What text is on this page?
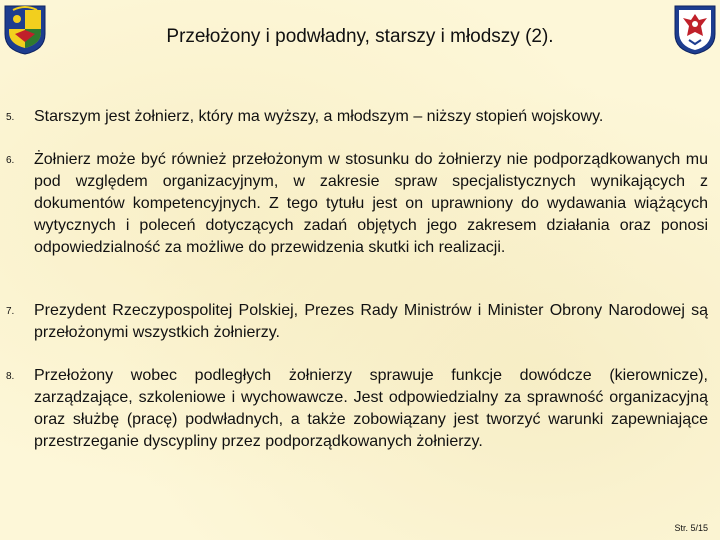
Przełożony i podwładny, starszy i młodszy (2).
5. Starszym jest żołnierz, który ma wyższy, a młodszym – niższy stopień wojskowy.
6. Żołnierz może być również przełożonym w stosunku do żołnierzy nie podporządkowanych mu pod względem organizacyjnym, w zakresie spraw specjalistycznych wynikających z dokumentów kompetencyjnych. Z tego tytułu jest on uprawniony do wydawania wiążących wytycznych i poleceń dotyczących zadań objętych jego zakresem działania oraz ponosi odpowiedzialność za możliwe do przewidzenia skutki ich realizacji.
7. Prezydent Rzeczypospolitej Polskiej, Prezes Rady Ministrów i Minister Obrony Narodowej są przełożonymi wszystkich żołnierzy.
8. Przełożony wobec podległych żołnierzy sprawuje funkcje dowódcze (kierownicze), zarządzające, szkoleniowe i wychowawcze. Jest odpowiedzialny za sprawność organizacyjną oraz służbę (pracę) podwładnych, a także zobowiązany jest tworzyć warunki zapewniające przestrzeganie dyscypliny przez podporządkowanych żołnierzy.
Str. 5/15
